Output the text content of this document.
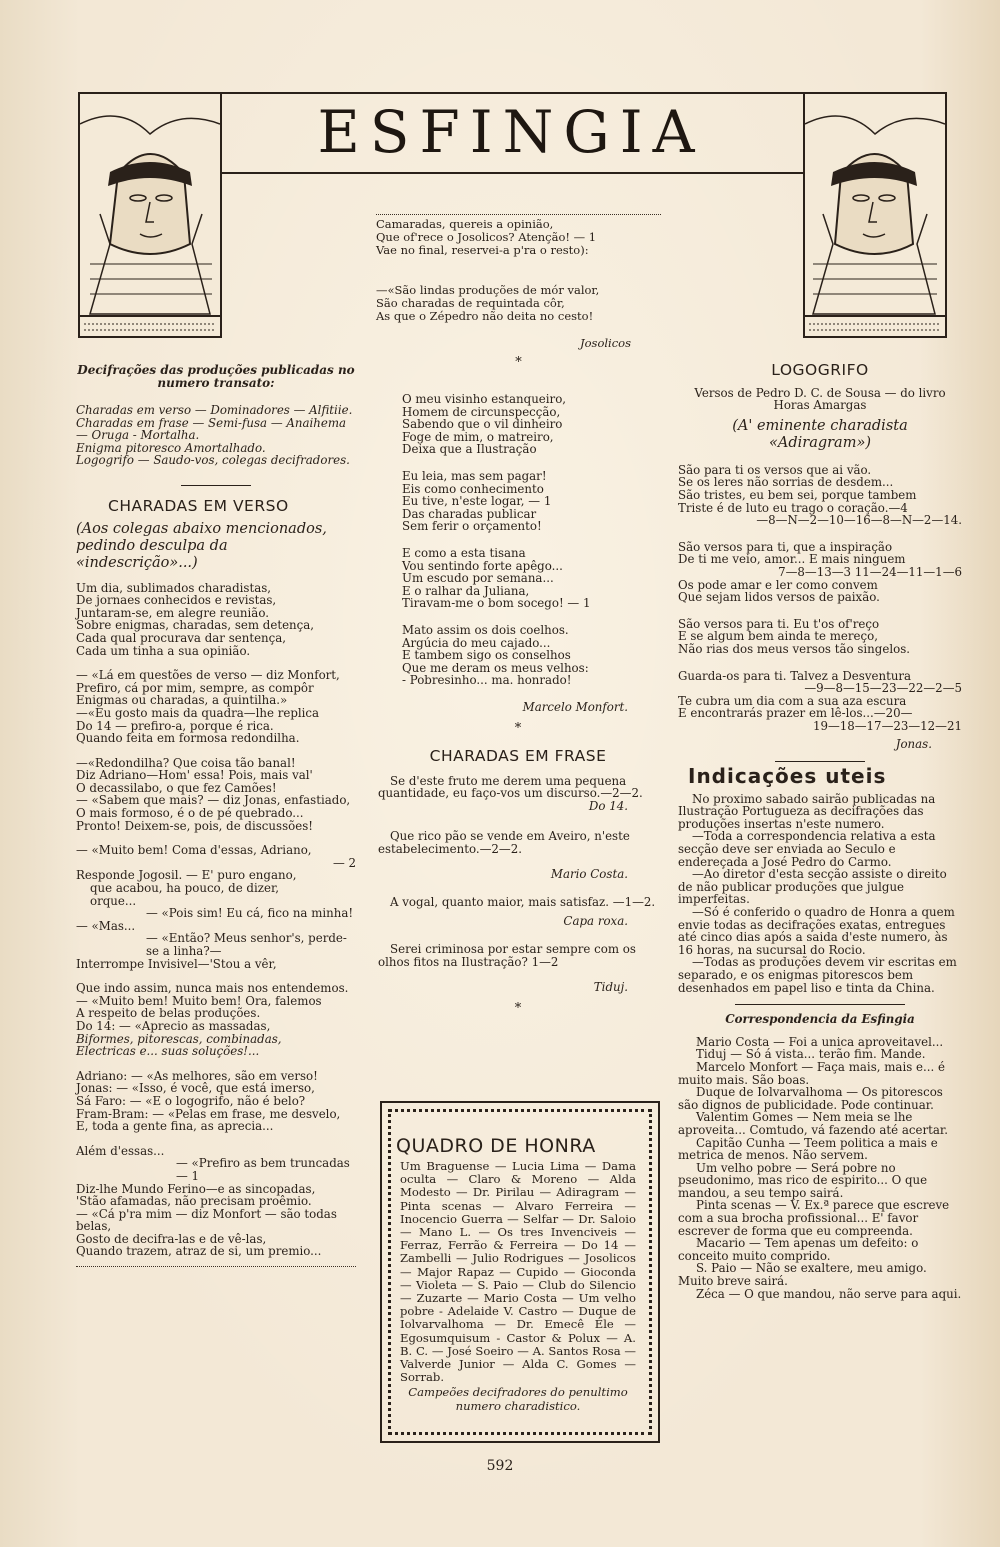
ESFINGIA
Camaradas, quereis a opinião,
Que of'rece o Josolicos? Atenção! — 1
Vae no final, reservei-a p'ra o resto):
—«São lindas produções de mór valor,
São charadas de requintada côr,
As que o Zépedro não deita no cesto!
Josolicos
*

Decifrações das produções publicadas no numero transato:

Charadas em verso — Dominadores — Alfitiie.

Charadas em frase — Semi-fusa — Anaihema — Oruga - Mortalha.

Enigma pitoresco Amortalhado.

Logogrifo — Saudo-vos, colegas decifradores.

CHARADAS EM VERSO

(Aos colegas abaixo mencionados, pedindo desculpa da «indescrição»...)

Um dia, sublimados charadistas,

De jornaes conhecidos e revistas,

Juntaram-se, em alegre reunião.

Sobre enigmas, charadas, sem detença,

Cada qual procurava dar sentença,

Cada um tinha a sua opinião.

— «Lá em questões de verso — diz Monfort,

Prefiro, cá por mim, sempre, as compôr

Enigmas ou charadas, a quintilha.»

—«Eu gosto mais da quadra—lhe replica

Do 14 — prefiro-a, porque é rica.

Quando feita em formosa redondilha.

—«Redondilha? Que coisa tão banal!

Diz Adriano—Hom' essa! Pois, mais val'

O decassilabo, o que fez Camões!

— «Sabem que mais? — diz Jonas, enfastiado,

O mais formoso, é o de pé quebrado...

Pronto! Deixem-se, pois, de discussões!

— «Muito bem! Coma d'essas, Adriano,

— 2

Responde Jogosil. — E' puro engano,

que acabou, ha pouco, de dizer,

orque...

— «Pois sim! Eu cá, fico na minha!

— «Mas...

— «Então? Meus senhor's, perde-se a linha?—

Interrompe Invisivel—'Stou a vêr,

Que indo assim, nunca mais nos entendemos.

— «Muito bem! Muito bem! Ora, falemos

A respeito de belas produções.

Do 14: — «Aprecio as massadas,

Biformes, pitorescas, combinadas,

Electricas e... suas soluções!...

Adriano: — «As melhores, são em verso!

Jonas: — «Isso, é você, que está imerso,

Sá Faro: — «E o logogrifo, não é belo?

Fram-Bram: — «Pelas em frase, me desvelo,

E, toda a gente fina, as aprecia...

Além d'essas...

— «Prefiro as bem truncadas — 1

Diz-lhe Mundo Ferino—e as sincopadas,

'Stão afamadas, não precisam proêmio.

— «Cá p'ra mim — diz Monfort — são todas belas,

Gosto de decifra-las e de vê-las,

Quando trazem, atraz de si, um premio...

O meu visinho estanqueiro,

Homem de circunspecção,

Sabendo que o vil dinheiro

Foge de mim, o matreiro,

Deixa que a Ilustração

Eu leia, mas sem pagar!

Eis como conhecimento

Eu tive, n'este logar, — 1

Das charadas publicar

Sem ferir o orçamento!

E como a esta tisana

Vou sentindo forte apêgo...

Um escudo por semana...

E o ralhar da Juliana,

Tiravam-me o bom socego! — 1

Mato assim os dois coelhos.

Argúcia do meu cajado...

E tambem sigo os conselhos

Que me deram os meus velhos:

- Pobresinho... ma. honrado!

Marcelo Monfort.

*

CHARADAS EM FRASE

Se d'este fruto me derem uma pequena quantidade, eu faço-vos um discurso.—2—2.

Do 14.

Que rico pão se vende em Aveiro, n'este estabelecimento.—2—2.

Mario Costa.

A vogal, quanto maior, mais satisfaz. —1—2.

Capa roxa.

Serei criminosa por estar sempre com os olhos fitos na Ilustração? 1—2

Tiduj.

*
QUADRO DE HONRA
Um Braguense — Lucia Lima — Dama oculta — Claro & Moreno — Alda Modesto — Dr. Pirilau — Adiragram — Pinta scenas — Alvaro Ferreira — Inocencio Guerra — Selfar — Dr. Saloio — Mano L. — Os tres Invenciveis — Ferraz, Ferrão & Ferreira — Do 14 — Zambelli — Julio Rodrigues — Josolicos — Major Rapaz — Cupido — Gioconda — Violeta — S. Paio — Club do Silencio — Zuzarte — Mario Costa — Um velho pobre - Adelaide V. Castro — Duque de Iolvarvalhoma — Dr. Emecê Éle — Egosumquisum - Castor & Polux — A. B. C. — José Soeiro — A. Santos Rosa — Valverde Junior — Alda C. Gomes — Sorrab.
Campeões decifradores do penultimo numero charadistico.

LOGOGRIFO

Versos de Pedro D. C. de Sousa — do livro Horas Amargas

(A' eminente charadista «Adiragram»)

São para ti os versos que ai vão.

Se os leres não sorrias de desdem...

São tristes, eu bem sei, porque tambem

Triste é de luto eu trago o coração.—4

—8—N—2—10—16—8—N—2—14.

São versos para ti, que a inspiração

De ti me veio, amor... E mais ninguem

7—8—13—3 11—24—11—1—6

Os pode amar e ler como convem

Que sejam lidos versos de paixão.

São versos para ti. Eu t'os of'reço

E se algum bem ainda te mereço,

Não rias dos meus versos tão singelos.

Guarda-os para ti. Talvez a Desventura

—9—8—15—23—22—2—5

Te cubra um dia com a sua aza escura

E encontrarás prazer em lê-los...—20—

19—18—17—23—12—21

Jonas.

Indicações uteis

No proximo sabado sairão publicadas na Ilustração Portugueza as decifrações das produções insertas n'este numero.

—Toda a correspondencia relativa a esta secção deve ser enviada ao Seculo e endereçada a José Pedro do Carmo.

—Ao diretor d'esta secção assiste o direito de não publicar produções que julgue imperfeitas.

—Só é conferido o quadro de Honra a quem envie todas as decifrações exatas, entregues até cinco dias após a saida d'este numero, às 16 horas, na sucursal do Rocio.

—Todas as produções devem vir escritas em separado, e os enigmas pitorescos bem desenhados em papel liso e tinta da China.

Correspondencia da Esfingia

Mario Costa — Foi a unica aproveitavel...

Tiduj — Só á vista... terão fim. Mande.

Marcelo Monfort — Faça mais, mais e... é muito mais. São boas.

Duque de Iolvarvalhoma — Os pitorescos são dignos de publicidade. Pode continuar.

Valentim Gomes — Nem meia se lhe aproveita... Comtudo, vá fazendo até acertar.

Capitão Cunha — Teem politica a mais e metrica de menos. Não servem.

Um velho pobre — Será pobre no pseudonimo, mas rico de espirito... O que mandou, a seu tempo sairá.

Pinta scenas — V. Ex.ª parece que escreve com a sua brocha profissional... E' favor escrever de forma que eu compreenda.

Macario — Tem apenas um defeito: o conceito muito comprido.

S. Paio — Não se exaltere, meu amigo. Muito breve sairá.

Zéca — O que mandou, não serve para aqui.

592
